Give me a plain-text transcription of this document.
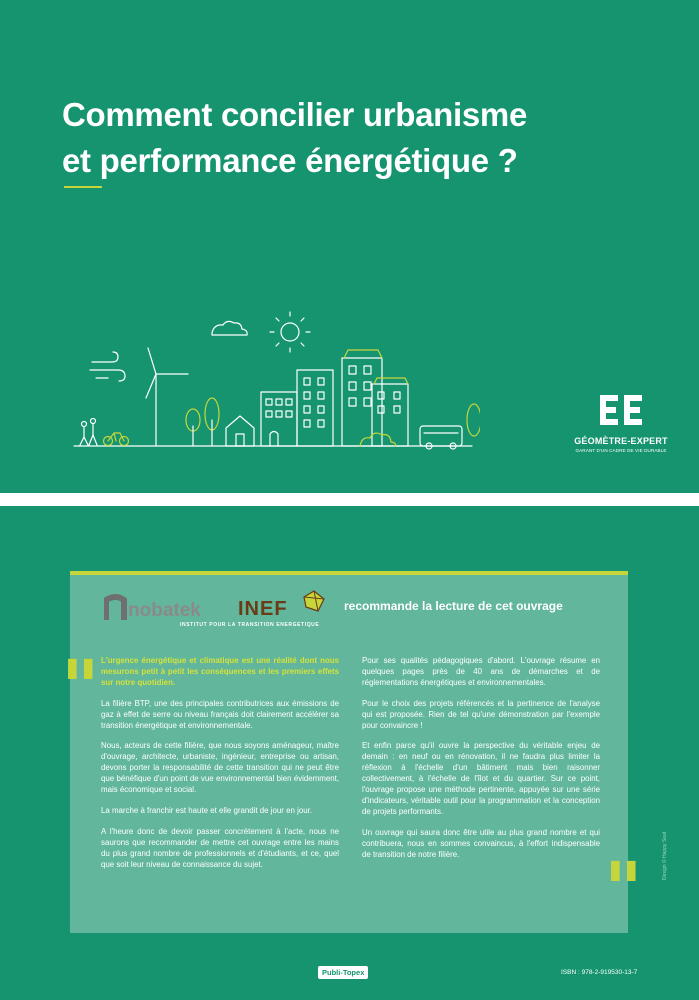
Comment concilier urbanisme
et performance énergétique ?
GÉOMÈTRE-EXPERT
GARANT D'UN CADRE DE VIE DURABLE
nobatek INEF
INSTITUT POUR LA TRANSITION ENERGETIQUE
recommande la lecture de cet ouvrage
"
"

L'urgence énergétique et climatique est une réalité dont nous mesurons petit à petit les conséquences et les premiers effets sur notre quotidien.

La filière BTP, une des principales contributrices aux émissions de gaz à effet de serre ou niveau français doit clairement accélérer sa transition énergétique et environnementale.

Nous, acteurs de cette filière, que nous soyons aménageur, maître d'ouvrage, architecte, urbaniste, ingénieur, entreprise ou artisan, devons porter la responsabilité de cette transition qui ne peut être que bénéfique d'un point de vue environnemental bien évidemment, mais économique et social.

La marche à franchir est haute et elle grandit de jour en jour.

A l'heure donc de devoir passer concrètement à l'acte, nous ne saurons que recommander de mettre cet ouvrage entre les mains du plus grand nombre de professionnels et d'étudiants, et ce, quel que soit leur niveau de connaissance du sujet.

Pour ses qualités pédagogiques d'abord. L'ouvrage résume en quelques pages près de 40 ans de démarches et de réglementations énergétiques et environnementales.

Pour le choix des projets référencés et la pertinence de l'analyse qui est proposée. Rien de tel qu'une démonstration par l'exemple pour convaincre !

Et enfin parce qu'il ouvre la perspective du véritable enjeu de demain : en neuf ou en rénovation, il ne faudra plus limiter la réflexion à l'échelle d'un bâtiment mais bien raisonner collectivement, à l'échelle de l'îlot et du quartier. Sur ce point, l'ouvrage propose une méthode pertinente, appuyée sur une série d'indicateurs, véritable outil pour la programmation et la conception de projets performants.

Un ouvrage qui saura donc être utile au plus grand nombre et qui contribuera, nous en sommes convaincus, à l'effort indispensable de transition de notre filière.	Design © Happy Seat
Publi-Topex	ISBN : 978-2-919530-13-7
